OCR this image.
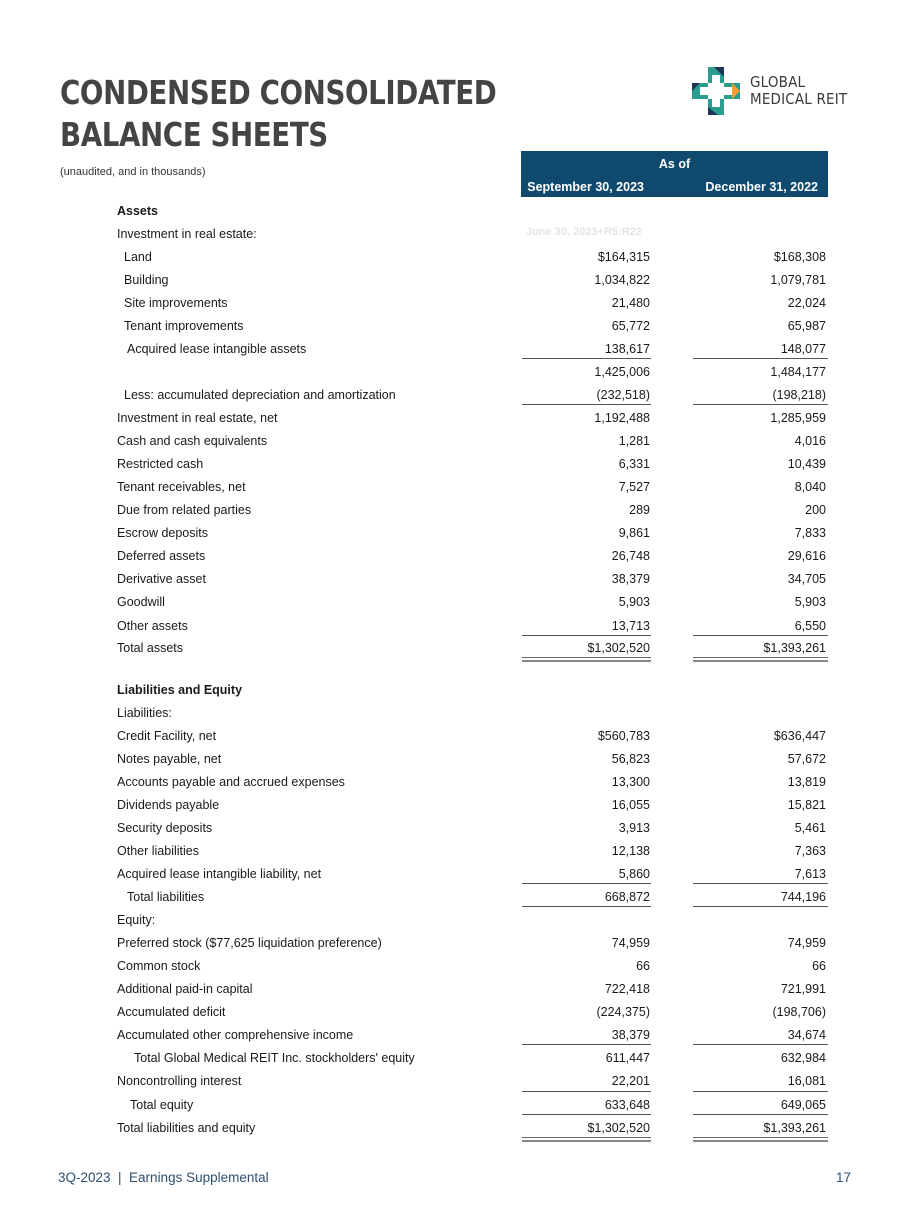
CONDENSED CONSOLIDATED
BALANCE SHEETS
(unaudited, and in thousands)
GLOBAL
MEDICAL REIT
As of
September 30, 2023	December 31, 2022
June 30, 2023+R5:R22
Assets
Investment in real estate:
Land	$164,315	$168,308
Building	1,034,822	1,079,781
Site improvements	21,480	22,024
Tenant improvements	65,772	65,987
Acquired lease intangible assets	138,617	148,077
1,425,006	1,484,177
Less: accumulated depreciation and amortization	(232,518)	(198,218)
Investment in real estate, net	1,192,488	1,285,959
Cash and cash equivalents	1,281	4,016
Restricted cash	6,331	10,439
Tenant receivables, net	7,527	8,040
Due from related parties	289	200
Escrow deposits	9,861	7,833
Deferred assets	26,748	29,616
Derivative asset	38,379	34,705
Goodwill	5,903	5,903
Other assets	13,713	6,550
Total assets	$1,302,520	$1,393,261
Liabilities and Equity
Liabilities:
Credit Facility, net	$560,783	$636,447
Notes payable, net	56,823	57,672
Accounts payable and accrued expenses	13,300	13,819
Dividends payable	16,055	15,821
Security deposits	3,913	5,461
Other liabilities	12,138	7,363
Acquired lease intangible liability, net	5,860	7,613
Total liabilities	668,872	744,196
Equity:
Preferred stock ($77,625 liquidation preference)	74,959	74,959
Common stock	66	66
Additional paid-in capital	722,418	721,991
Accumulated deficit	(224,375)	(198,706)
Accumulated other comprehensive income	38,379	34,674
Total Global Medical REIT Inc. stockholders' equity	611,447	632,984
Noncontrolling interest	22,201	16,081
Total equity	633,648	649,065
Total liabilities and equity	$1,302,520	$1,393,261
3Q-2023  |  Earnings Supplemental	17
